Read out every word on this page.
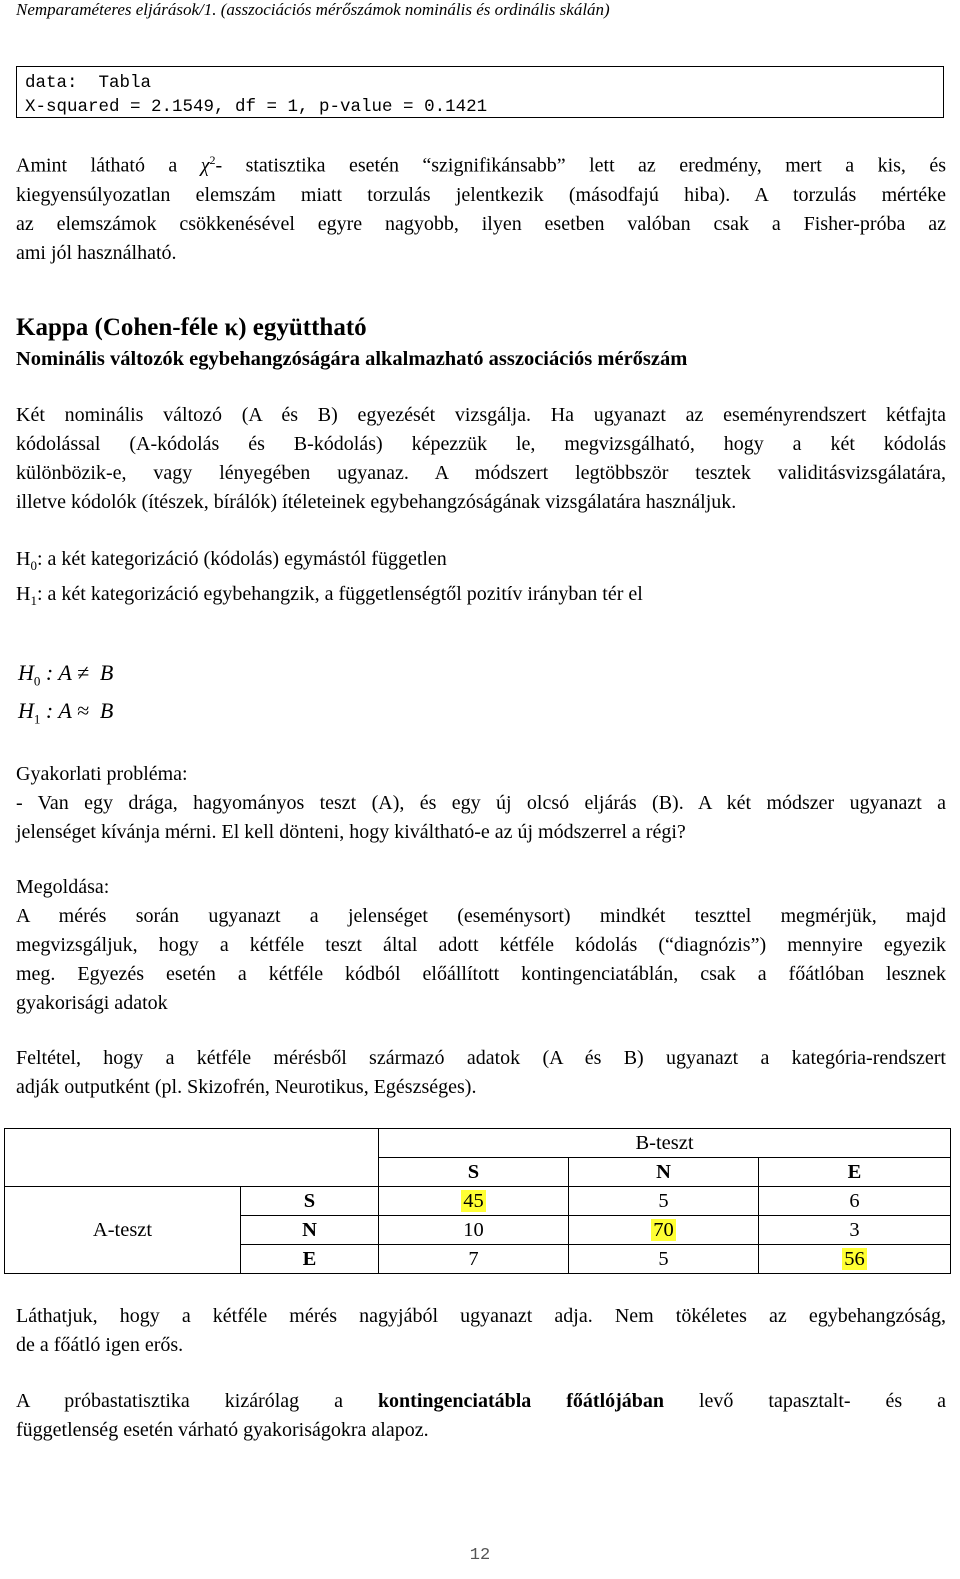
Nemparaméteres eljárások/1. (asszociációs mérőszámok nominális és ordinális skálán)
data:  Tabla
X-squared = 2.1549, df = 1, p-value = 0.1421
Amint látható a $\chi^2-$ statisztika esetén “szignifikánsabb” lett az eredmény, mert a kis, és
kiegyensúlyozatlan elemszám miatt torzulás jelentkezik (másodfajú hiba). A torzulás mértéke
az elemszámok csökkenésével egyre nagyobb, ilyen esetben valóban csak a Fisher-próba az
ami jól használható.
Kappa (Cohen-féle κ) együttható
Nominális változók egybehangzóságára alkalmazható asszociációs mérőszám
Két nominális változó (A és B) egyezését vizsgálja. Ha ugyanazt az eseményrendszert kétfajta
kódolással (A-kódolás és B-kódolás) képezzük le, megvizsgálható, hogy a két kódolás
különbözik-e, vagy lényegében ugyanaz. A módszert legtöbbször tesztek validitásvizsgálatára,
illetve kódolók (ítészek, bírálók) ítéleteinek egybehangzóságának vizsgálatára használjuk.
$H_0$: a két kategorizáció (kódolás) egymástól független
$H_1$: a két kategorizáció egybehangzik, a függetlenségtől pozitív irányban tér el
$H_0$ : A ≠  B
$H_1$ : A ≈  B
Gyakorlati probléma:
- Van egy drága, hagyományos teszt (A), és egy új olcsó eljárás (B). A két módszer ugyanazt a
jelenséget kívánja mérni. El kell dönteni, hogy kiváltható-e az új módszerrel a régi?
Megoldása:
A mérés során ugyanazt a jelenséget (eseménysort) mindkét teszttel megmérjük, majd
megvizsgáljuk, hogy a kétféle teszt által adott kétféle kódolás (“diagnózis”) mennyire egyezik
meg. Egyezés esetén a kétféle kódból előállított kontingenciatáblán, csak a főátlóban lesznek
gyakorisági adatok
Feltétel, hogy a kétféle mérésből származó adatok (A és B) ugyanazt a kategória-rendszert
adják outputként (pl. Skizofrén, Neurotikus, Egészséges).
		B-teszt		
		S	N	E
A-teszt	S	45	5	6
	N	10	70	3
	E	7	5	56
Láthatjuk, hogy a kétféle mérés nagyjából ugyanazt adja. Nem tökéletes az egybehangzóság,
de a főátló igen erős.
A próbastatisztika kizárólag a kontingenciatábla főátlójában levő tapasztalt- és a
függetlenség esetén várható gyakoriságokra alapoz.
12
